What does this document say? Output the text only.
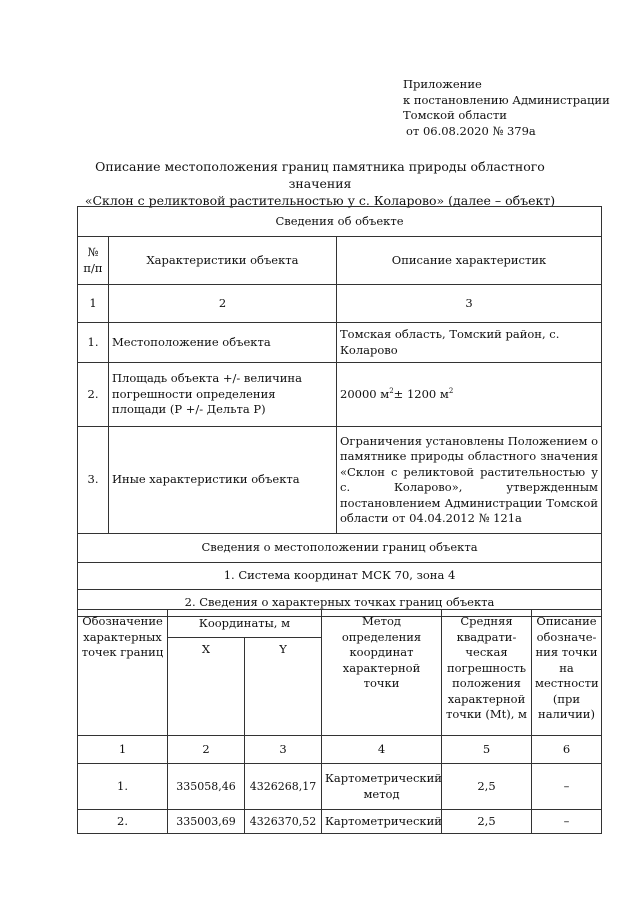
Приложение
к постановлению Администрации
Томской области
от 06.08.2020 № 379а
Описание местоположения границ памятника природы областного значения
«Склон с реликтовой растительностью у с. Коларово» (далее – объект)
Сведения об объекте		
№ п/п	Характеристики объекта	Описание характеристик
1	2	3
1.	Местоположение объекта	Томская область, Томский район, с. Коларово
2.	Площадь объекта +/- величина погрешности определения площади (Р +/- Дельта Р)	20000 $м^2\pm 1200$ $м^2$
3.	Иные характеристики объекта	Ограничения установлены Положением о памятнике природы областного значения «Склон с реликтовой растительностью у с. Коларово», утвержденным постановлением Администрации Томской области от 04.04.2012 № 121а
Сведения о местоположении границ объекта		
1. Система координат МСК 70, зона 4		
2. Сведения о характерных точках границ объекта		
Обозначение характерных точек границ	Координаты, м		Метод определения координат характерной точки	Средняя квадрати-ческая погрешность положения характерной точки (Mt), м	Описание обозначе-ния точки на местности (при наличии)
	X	Y			
1	2	3	4	5	6
1.	335058,46	4326268,17	Картометрический метод	2,5	–
2.	335003,69	4326370,52	Картометрический	2,5	–
